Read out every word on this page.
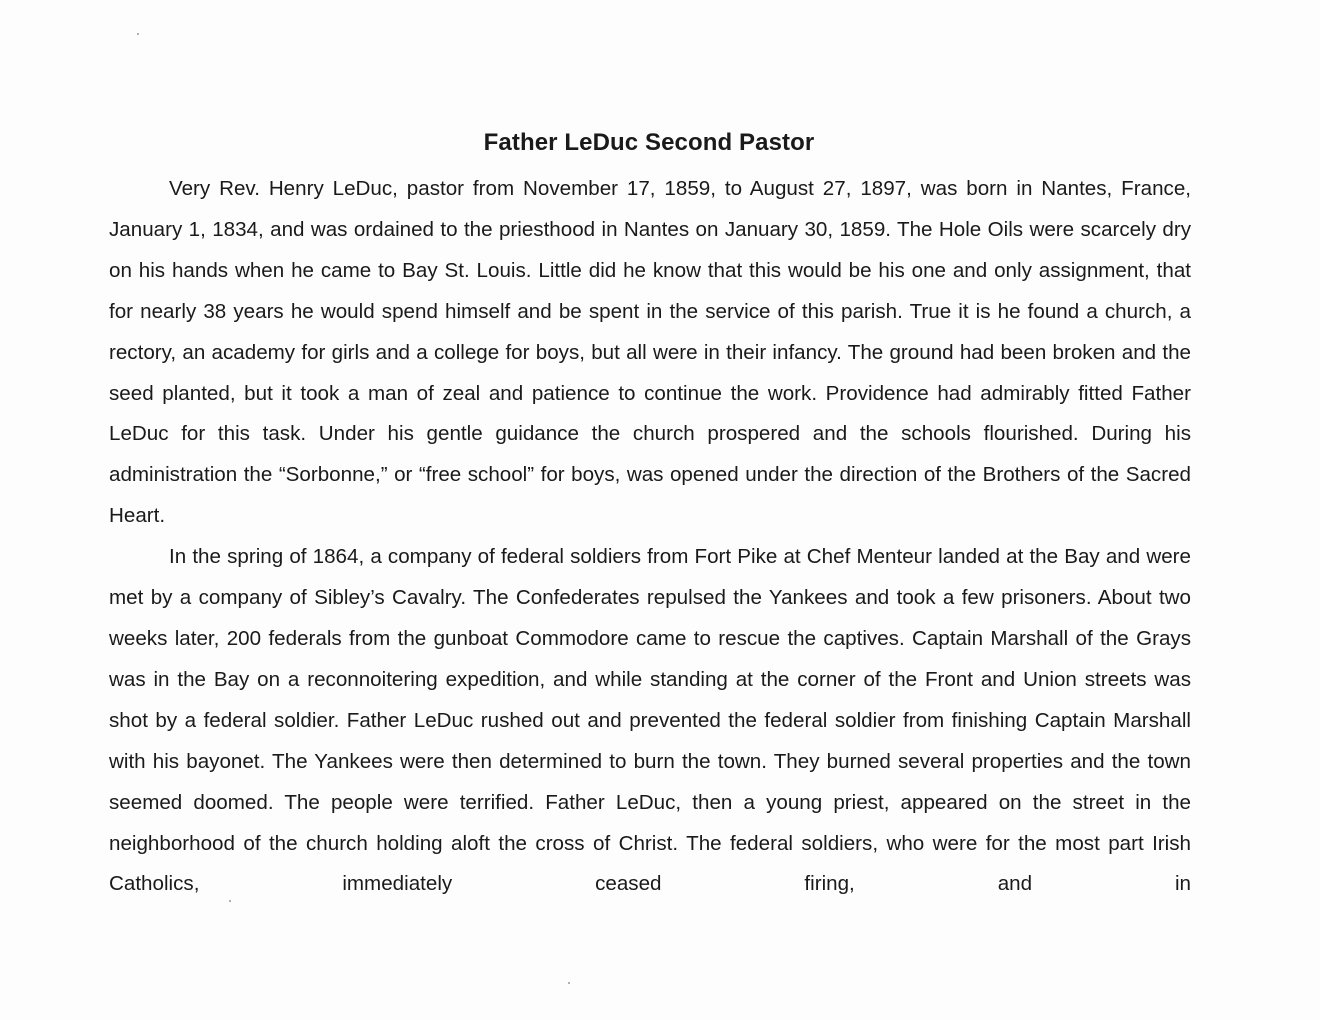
Father LeDuc Second Pastor

Very Rev. Henry LeDuc, pastor from November 17, 1859, to August 27, 1897, was born in Nantes, France, January 1, 1834, and was ordained to the priesthood in Nantes on January 30, 1859. The Hole Oils were scarcely dry on his hands when he came to Bay St. Louis. Little did he know that this would be his one and only assignment, that for nearly 38 years he would spend himself and be spent in the service of this parish. True it is he found a church, a rectory, an academy for girls and a college for boys, but all were in their infancy. The ground had been broken and the seed planted, but it took a man of zeal and patience to continue the work. Providence had admirably fitted Father LeDuc for this task. Under his gentle guidance the church prospered and the schools flourished. During his administration the “Sorbonne,” or “free school” for boys, was opened under the direction of the Brothers of the Sacred Heart.

In the spring of 1864, a company of federal soldiers from Fort Pike at Chef Menteur landed at the Bay and were met by a company of Sibley’s Cavalry. The Confederates repulsed the Yankees and took a few prisoners. About two weeks later, 200 federals from the gunboat Commodore came to rescue the captives. Captain Marshall of the Grays was in the Bay on a reconnoitering expedition, and while standing at the corner of the Front and Union streets was shot by a federal soldier. Father LeDuc rushed out and prevented the federal soldier from finishing Captain Marshall with his bayonet. The Yankees were then determined to burn the town. They burned several properties and the town seemed doomed. The people were terrified. Father LeDuc, then a young priest, appeared on the street in the neighborhood of the church holding aloft the cross of Christ. The federal soldiers, who were for the most part Irish Catholics, immediately ceased firing, and in
